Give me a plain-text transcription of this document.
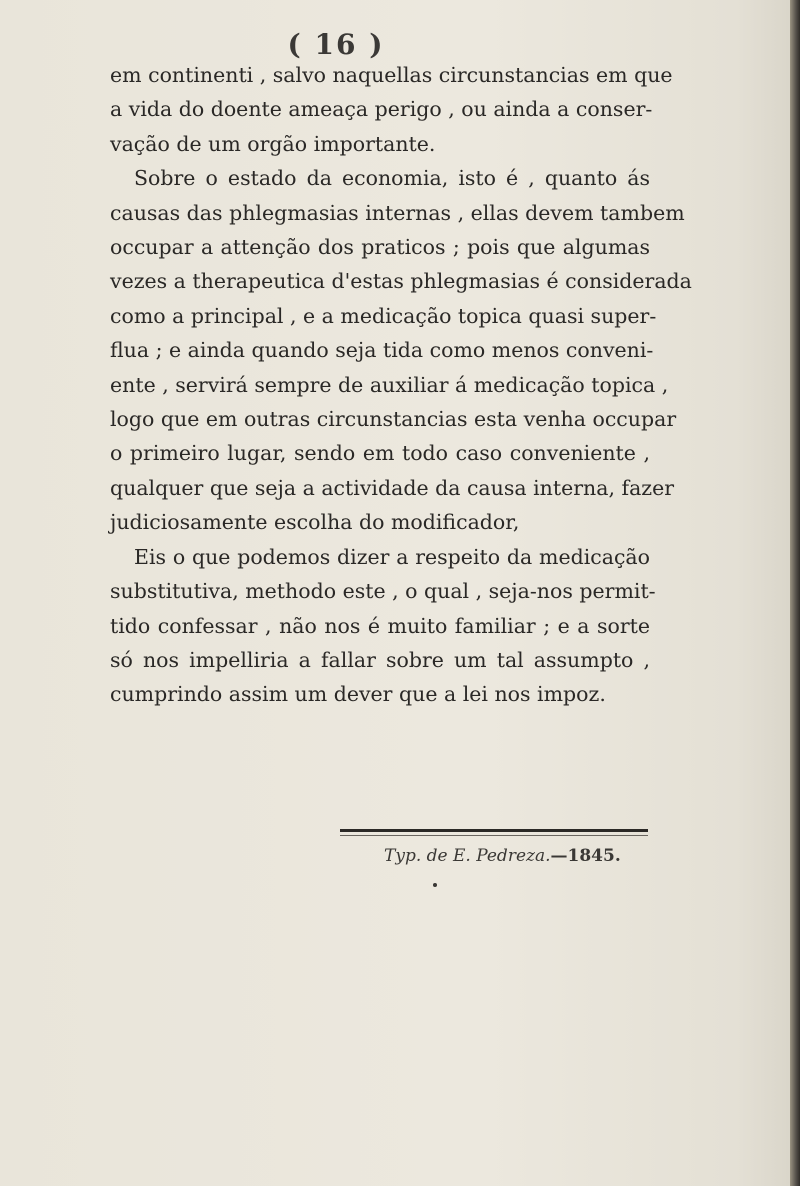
( 16 )
em continenti , salvo naquellas circunstancias em que
a vida do doente ameaça perigo , ou ainda a conser-
vação de um orgão importante.
Sobre o estado da economia, isto é , quanto ás
causas das phlegmasias internas , ellas devem tambem
occupar a attenção dos praticos ; pois que algumas
vezes a therapeutica d'estas phlegmasias é considerada
como a principal , e a medicação topica quasi super-
flua ; e ainda quando seja tida como menos conveni-
ente , servirá sempre de auxiliar á medicação topica ,
logo que em outras circunstancias esta venha occupar
o primeiro lugar, sendo em todo caso conveniente ,
qualquer que seja a actividade da causa interna, fazer
judiciosamente escolha do modificador,
Eis o que podemos dizer a respeito da medicação
substitutiva, methodo este , o qual , seja-nos permit-
tido confessar , não nos é muito familiar ; e a sorte
só nos impelliria a fallar sobre um tal assumpto ,
cumprindo assim um dever que a lei nos impoz.
Typ. de E. Pedreza.—1845.
